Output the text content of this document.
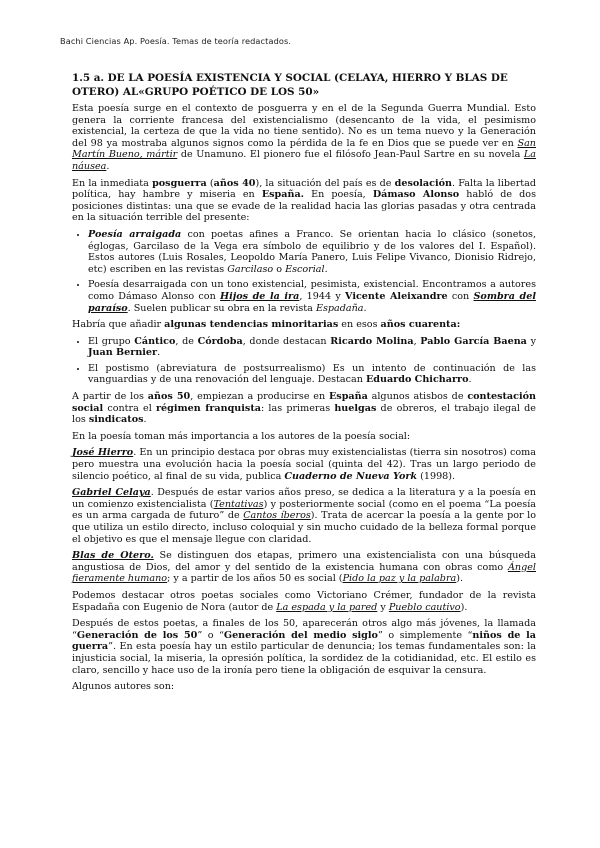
Bachi Ciencias Ap. Poesía. Temas de teoría redactados.
1.5 a. DE LA POESÍA EXISTENCIA Y SOCIAL (CELAYA, HIERRO Y BLAS DE OTERO) AL«GRUPO POÉTICO DE LOS 50»

Esta poesía surge en el contexto de posguerra y en el de la Segunda Guerra Mundial. Esto genera la corriente francesa del existencialismo (desencanto de la vida, el pesimismo existencial, la certeza de que la vida no tiene sentido). No es un tema nuevo y la Generación del 98 ya mostraba algunos signos como la pérdida de la fe en Dios que se puede ver en San Martín Bueno, mártir de Unamuno. El pionero fue el filósofo Jean-Paul Sartre en su novela La náusea.

En la inmediata posguerra (años 40), la situación del país es de desolación. Falta la libertad política, hay hambre y miseria en España. En poesía, Dámaso Alonso habló de dos posiciones distintas: una que se evade de la realidad hacia las glorias pasadas y otra centrada en la situación terrible del presente:

• Poesía arraigada con poetas afines a Franco. Se orientan hacia lo clásico (sonetos, églogas, Garcilaso de la Vega era símbolo de equilibrio y de los valores del I. Español). Estos autores (Luis Rosales, Leopoldo María Panero, Luis Felipe Vivanco, Dionisio Ridrejo, etc) escriben en las revistas Garcilaso o Escorial.
• Poesía desarraigada con un tono existencial, pesimista, existencial. Encontramos a autores como Dámaso Alonso con Hijos de la ira, 1944 y Vicente Aleixandre con Sombra del paraíso. Suelen publicar su obra en la revista Espadaña.

Habría que añadir algunas tendencias minoritarias en esos años cuarenta:

• El grupo Cántico, de Córdoba, donde destacan Ricardo Molina, Pablo García Baena y Juan Bernier.
• El postismo (abreviatura de postsurrealismo) Es un intento de continuación de las vanguardias y de una renovación del lenguaje. Destacan Eduardo Chicharro.

A partir de los años 50, empiezan a producirse en España algunos atisbos de contestación social contra el régimen franquista: las primeras huelgas de obreros, el trabajo ilegal de los sindicatos.

En la poesía toman más importancia a los autores de la poesía social:

José Hierro. En un principio destaca por obras muy existencialistas (tierra sin nosotros) coma pero muestra una evolución hacia la poesía social (quinta del 42). Tras un largo periodo de silencio poético, al final de su vida, publica Cuaderno de Nueva York (1998).

Gabriel Celaya. Después de estar varios años preso, se dedica a la literatura y a la poesía en un comienzo existencialista (Tentativas) y posteriormente social (como en el poema “La poesía es un arma cargada de futuro” de Cantos íberos). Trata de acercar la poesía a la gente por lo que utiliza un estilo directo, incluso coloquial y sin mucho cuidado de la belleza formal porque el objetivo es que el mensaje llegue con claridad.

Blas de Otero. Se distinguen dos etapas, primero una existencialista con una búsqueda angustiosa de Dios, del amor y del sentido de la existencia humana con obras como Ángel fieramente humano; y a partir de los años 50 es social (Pido la paz y la palabra).

Podemos destacar otros poetas sociales como Victoriano Crémer, fundador de la revista Espadaña con Eugenio de Nora (autor de La espada y la pared y Pueblo cautivo).

Después de estos poetas, a finales de los 50, aparecerán otros algo más jóvenes, la llamada “Generación de los 50” o “Generación del medio siglo” o simplemente “niños de la guerra”. En esta poesía hay un estilo particular de denuncia; los temas fundamentales son: la injusticia social, la miseria, la opresión política, la sordidez de la cotidianidad, etc. El estilo es claro, sencillo y hace uso de la ironía pero tiene la obligación de esquivar la censura.

Algunos autores son:
